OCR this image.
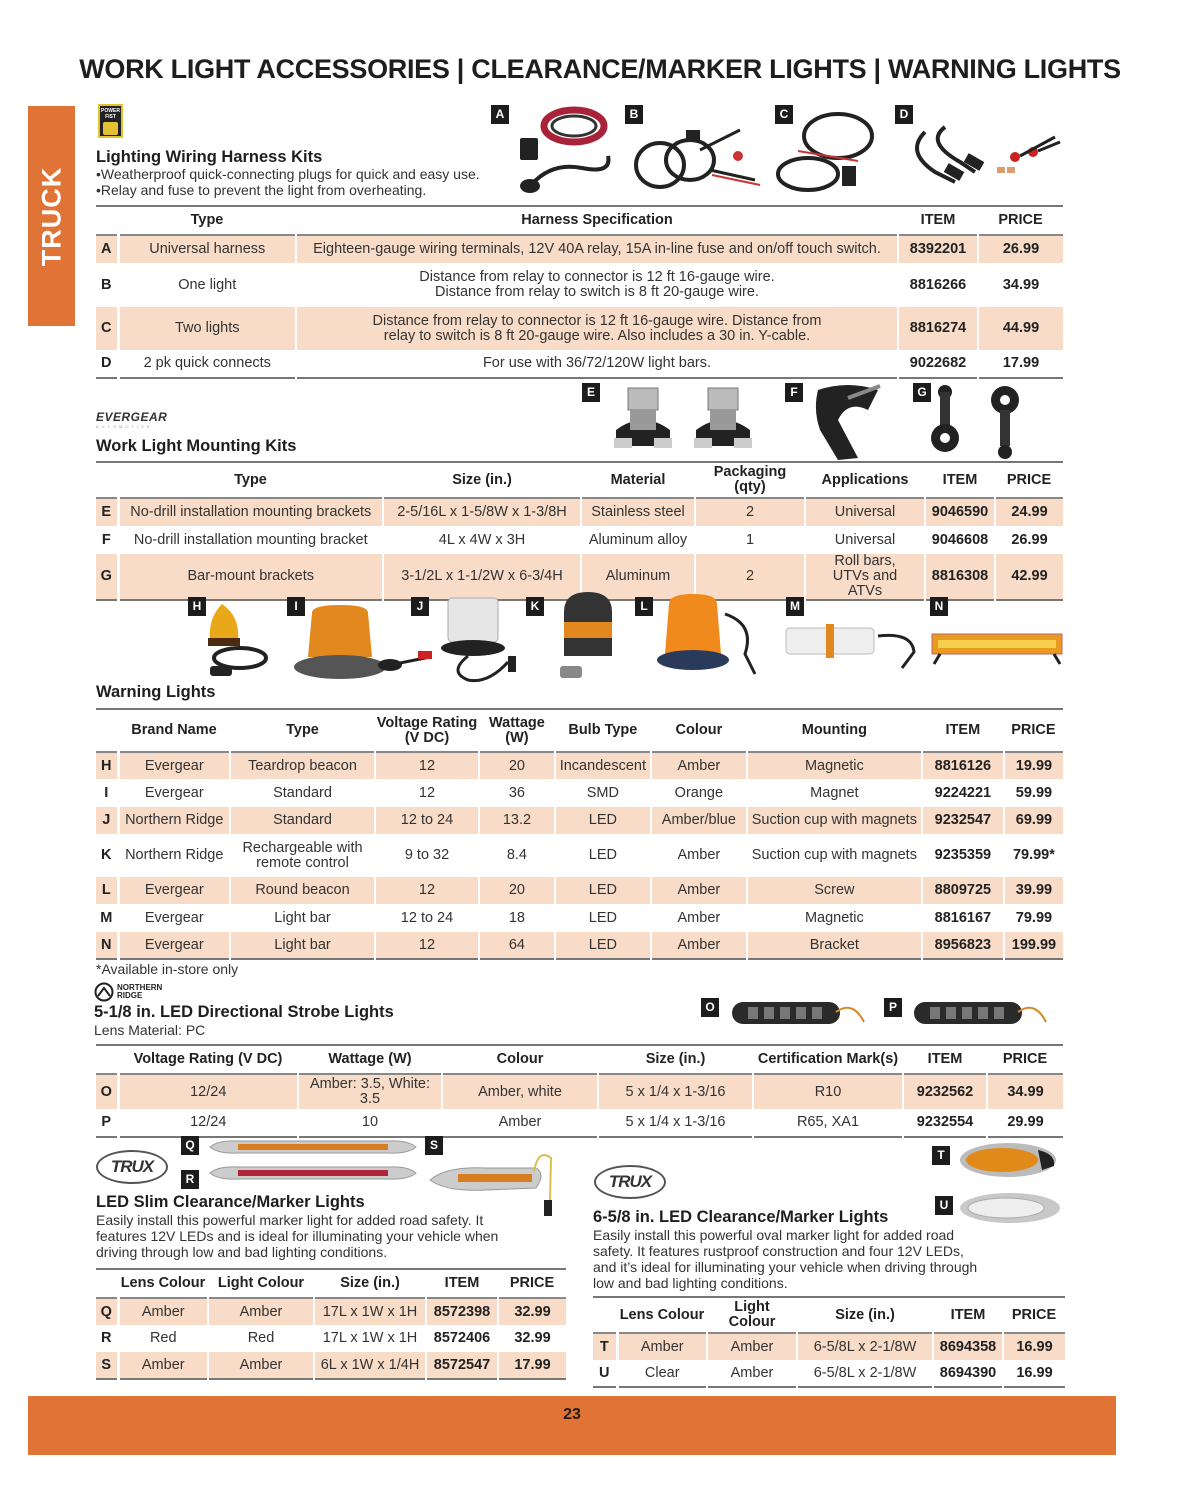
WORK LIGHT ACCESSORIES | CLEARANCE/MARKER LIGHTS | WARNING LIGHTS
TRUCK
POWER FIST
Lighting Wiring Harness Kits
•Weatherproof quick-connecting plugs for quick and easy use.
•Relay and fuse to prevent the light from overheating.
A	B	C	D
	Type	Harness Specification	ITEM	PRICE
A	Universal harness	Eighteen-gauge wiring terminals, 12V 40A relay, 15A in-line fuse and on/off touch switch.	8392201	26.99
B	One light	Distance from relay to connector is 12 ft 16-gauge wire. Distance from relay to switch is 8 ft 20-gauge wire.	8816266	34.99
C	Two lights	Distance from relay to connector is 12 ft 16-gauge wire. Distance from relay to switch is 8 ft 20-gauge wire. Also includes a 30 in. Y-cable.	8816274	44.99
D	2 pk quick connects	For use with 36/72/120W light bars.	9022682	17.99
EVERGEAR
AUTOMOTIVE
Work Light Mounting Kits
E	F	G
	Type	Size (in.)	Material	Packaging (qty)	Applications	ITEM	PRICE
E	No-drill installation mounting brackets	2-5/16L x 1-5/8W x 1-3/8H	Stainless steel	2	Universal	9046590	24.99
F	No-drill installation mounting bracket	4L x 4W x 3H	Aluminum alloy	1	Universal	9046608	26.99
G	Bar-mount brackets	3-1/2L x 1-1/2W x 6-3/4H	Aluminum	2	Roll bars, UTVs and ATVs	8816308	42.99
H	I	J	K	L	M	N
Warning Lights
	Brand Name	Type	Voltage Rating (V DC)	Wattage (W)	Bulb Type	Colour	Mounting	ITEM	PRICE
H	Evergear	Teardrop beacon	12	20	Incandescent	Amber	Magnetic	8816126	19.99
I	Evergear	Standard	12	36	SMD	Orange	Magnet	9224221	59.99
J	Northern Ridge	Standard	12 to 24	13.2	LED	Amber/blue	Suction cup with magnets	9232547	69.99
K	Northern Ridge	Rechargeable with remote control	9 to 32	8.4	LED	Amber	Suction cup with magnets	9235359	79.99*
L	Evergear	Round beacon	12	20	LED	Amber	Screw	8809725	39.99
M	Evergear	Light bar	12 to 24	18	LED	Amber	Magnetic	8816167	79.99
N	Evergear	Light bar	12	64	LED	Amber	Bracket	8956823	199.99
*Available in-store only
NORTHERN RIDGE
5-1/8 in. LED Directional Strobe Lights
Lens Material: PC
O	P
	Voltage Rating (V DC)	Wattage (W)	Colour	Size (in.)	Certification Mark(s)	ITEM	PRICE
O	12/24	Amber: 3.5, White: 3.5	Amber, white	5 x 1/4 x 1-3/16	R10	9232562	34.99
P	12/24	10	Amber	5 x 1/4 x 1-3/16	R65, XA1	9232554	29.99
TRUX
Q
R
S
LED Slim Clearance/Marker Lights
Easily install this powerful marker light for added road safety. It features 12V LEDs and is ideal for illuminating your vehicle when driving through low and bad lighting conditions.
	Lens Colour	Light Colour	Size (in.)	ITEM	PRICE
Q	Amber	Amber	17L x 1W x 1H	8572398	32.99
R	Red	Red	17L x 1W x 1H	8572406	32.99
S	Amber	Amber	6L x 1W x 1/4H	8572547	17.99
TRUX
T
U
6-5/8 in. LED Clearance/Marker Lights
Easily install this powerful oval marker light for added road safety. It features rustproof construction and four 12V LEDs, and it’s ideal for illuminating your vehicle when driving through low and bad lighting conditions.
	Lens Colour	Light Colour	Size (in.)	ITEM	PRICE
T	Amber	Amber	6-5/8L x 2-1/8W	8694358	16.99
U	Clear	Amber	6-5/8L x 2-1/8W	8694390	16.99
23
